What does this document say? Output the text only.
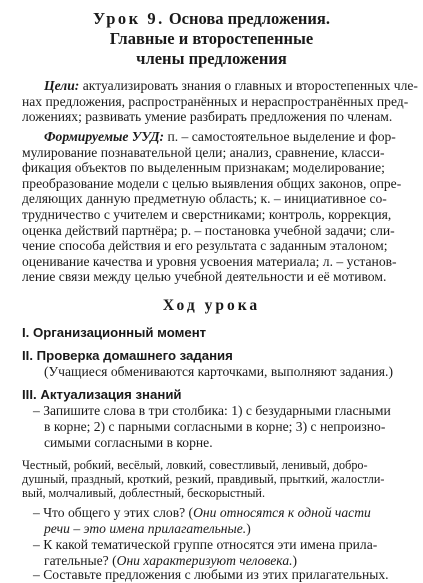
Урок 9. Основа предложения.
Главные и второстепенные
члены предложения
Цели: актуализировать знания о главных и второстепенных чле-
нах предложения, распространённых и нераспространённых пред-
ложениях; развивать умение разбирать предложения по членам.
Формируемые УУД: п. – самостоятельное выделение и фор-
мулирование познавательной цели; анализ, сравнение, класси-
фикация объектов по выделенным признакам; моделирование;
преобразование модели с целью выявления общих законов, опре-
деляющих данную предметную область; к. – инициативное со-
трудничество с учителем и сверстниками; контроль, коррекция,
оценка действий партнёра; р. – постановка учебной задачи; сли-
чение способа действия и его результата с заданным эталоном;
оценивание качества и уровня усвоения материала; л. – установ-
ление связи между целью учебной деятельности и её мотивом.
Ход урока
I. Организационный момент
II. Проверка домашнего задания
(Учащиеся обмениваются карточками, выполняют задания.)
III. Актуализация знаний
– Запишите слова в три столбика: 1) с безударными гласными
в корне; 2) с парными согласными в корне; 3) с непроизно-
симыми согласными в корне.
Честный, робкий, весёлый, ловкий, совестливый, ленивый, добро-
душный, праздный, кроткий, резкий, правдивый, прыткий, жалостли-
вый, молчаливый, доблестный, бескорыстный.
– Что общего у этих слов? (Они относятся к одной части
речи – это имена прилагательные.)
– К какой тематической группе относятся эти имена прила-
гательные? (Они характеризуют человека.)
– Составьте предложения с любыми из этих прилагательных.
